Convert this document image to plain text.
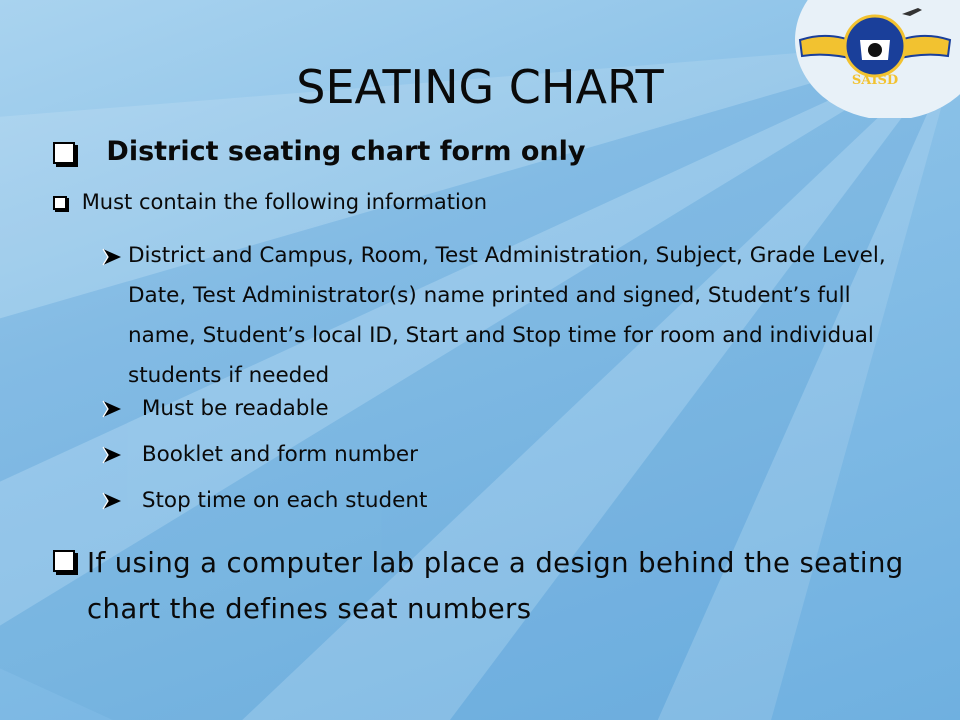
SAISD
SEATING CHART
District seating chart form only
Must contain the following information
District and Campus, Room, Test Administration, Subject, Grade Level, Date, Test Administrator(s) name printed and signed, Student’s full name, Student’s local ID, Start and Stop time for room and individual students if needed
Must be readable
Booklet and form number
Stop time on each student
If using a computer lab place a design behind the seating chart the defines seat numbers
